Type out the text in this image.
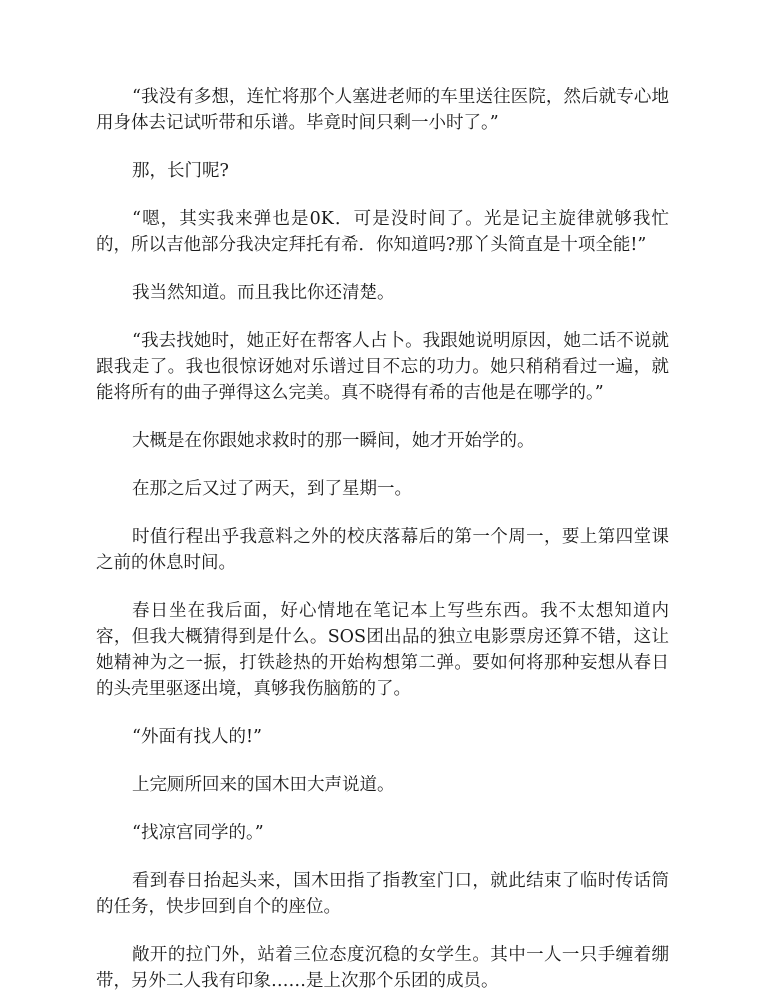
“我没有多想，连忙将那个人塞进老师的车里送往医院，然后就专心地用身体去记试听带和乐谱。毕竟时间只剩一小时了。”

那，长门呢?

“嗯，其实我来弹也是0K．可是没时间了。光是记主旋律就够我忙的，所以吉他部分我决定拜托有希．你知道吗?那丫头简直是十项全能!”

我当然知道。而且我比你还清楚。

“我去找她时，她正好在帮客人占卜。我跟她说明原因，她二话不说就跟我走了。我也很惊讶她对乐谱过目不忘的功力。她只稍稍看过一遍，就能将所有的曲子弹得这么完美。真不晓得有希的吉他是在哪学的。”

大概是在你跟她求救时的那一瞬间，她才开始学的。

在那之后又过了两天，到了星期一。

时值行程出乎我意料之外的校庆落幕后的第一个周一，要上第四堂课之前的休息时间。

春日坐在我后面，好心情地在笔记本上写些东西。我不太想知道内容，但我大概猜得到是什么。SOS团出品的独立电影票房还算不错，这让她精神为之一振，打铁趁热的开始构想第二弹。要如何将那种妄想从春日的头壳里驱逐出境，真够我伤脑筋的了。

“外面有找人的!”

上完厕所回来的国木田大声说道。

“找凉宫同学的。”

看到春日抬起头来，国木田指了指教室门口，就此结束了临时传话筒的任务，快步回到自个的座位。

敞开的拉门外，站着三位态度沉稳的女学生。其中一人一只手缠着绷带，另外二人我有印象……是上次那个乐团的成员。
